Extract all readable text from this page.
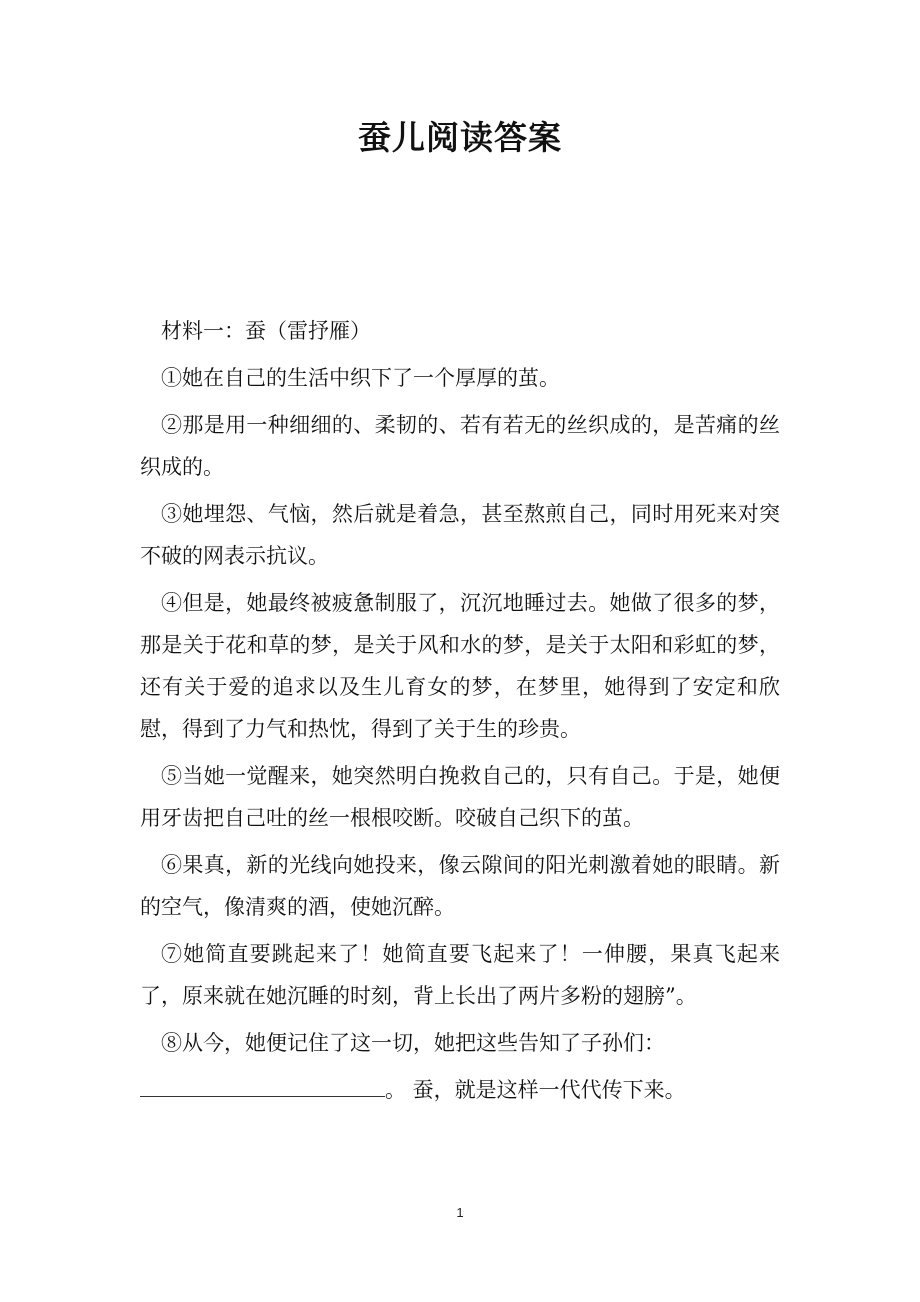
蚕儿阅读答案

材料一：蚕（雷抒雁）

①她在自己的生活中织下了一个厚厚的茧。

②那是用一种细细的、柔韧的、若有若无的丝织成的，是苦痛的丝织成的。

③她埋怨、气恼，然后就是着急，甚至熬煎自己，同时用死来对突不破的网表示抗议。

④但是，她最终被疲惫制服了，沉沉地睡过去。她做了很多的梦，那是关于花和草的梦，是关于风和水的梦，是关于太阳和彩虹的梦，还有关于爱的追求以及生儿育女的梦，在梦里，她得到了安定和欣慰，得到了力气和热忱，得到了关于生的珍贵。

⑤当她一觉醒来，她突然明白挽救自己的，只有自己。于是，她便用牙齿把自己吐的丝一根根咬断。咬破自己织下的茧。

⑥果真，新的光线向她投来，像云隙间的阳光刺激着她的眼睛。新的空气，像清爽的酒，使她沉醉。

⑦她简直要跳起来了！她简直要飞起来了！一伸腰，果真飞起来了，原来就在她沉睡的时刻，背上长出了两片多粉的翅膀”。

⑧从今，她便记住了这一切，她把这些告知了子孙们：

。 蚕，就是这样一代代传下来。

1
